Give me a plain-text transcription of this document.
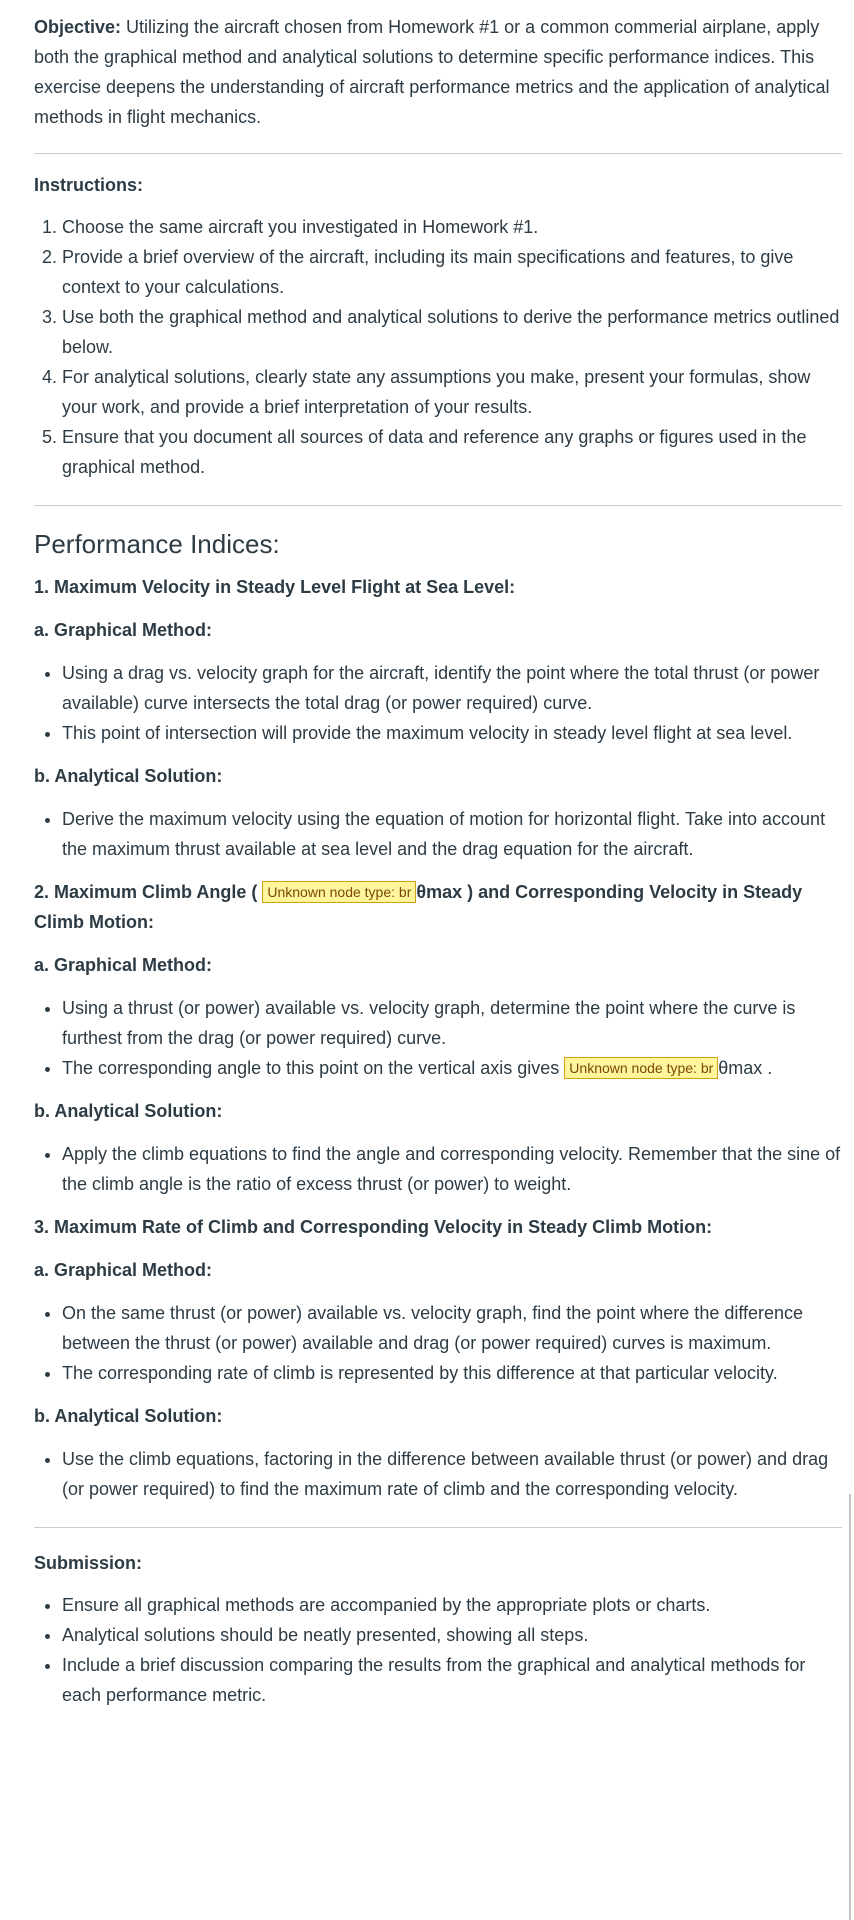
Objective: Utilizing the aircraft chosen from Homework #1 or a common commerial airplane, apply both the graphical method and analytical solutions to determine specific performance indices. This exercise deepens the understanding of aircraft performance metrics and the application of analytical methods in flight mechanics.

Instructions:

1. Choose the same aircraft you investigated in Homework #1.
2. Provide a brief overview of the aircraft, including its main specifications and features, to give context to your calculations.
3. Use both the graphical method and analytical solutions to derive the performance metrics outlined below.
4. For analytical solutions, clearly state any assumptions you make, present your formulas, show your work, and provide a brief interpretation of your results.
5. Ensure that you document all sources of data and reference any graphs or figures used in the graphical method.
Performance Indices:

1. Maximum Velocity in Steady Level Flight at Sea Level:

a. Graphical Method:

• Using a drag vs. velocity graph for the aircraft, identify the point where the total thrust (or power available) curve intersects the total drag (or power required) curve.
• This point of intersection will provide the maximum velocity in steady level flight at sea level.

b. Analytical Solution:

• Derive the maximum velocity using the equation of motion for horizontal flight. Take into account the maximum thrust available at sea level and the drag equation for the aircraft.

2. Maximum Climb Angle ( Unknown node type: br θmax ) and Corresponding Velocity in Steady Climb Motion:

a. Graphical Method:

• Using a thrust (or power) available vs. velocity graph, determine the point where the curve is furthest from the drag (or power required) curve.
• The corresponding angle to this point on the vertical axis gives Unknown node type: br θmax .

b. Analytical Solution:

• Apply the climb equations to find the angle and corresponding velocity. Remember that the sine of the climb angle is the ratio of excess thrust (or power) to weight.

3. Maximum Rate of Climb and Corresponding Velocity in Steady Climb Motion:

a. Graphical Method:

• On the same thrust (or power) available vs. velocity graph, find the point where the difference between the thrust (or power) available and drag (or power required) curves is maximum.
• The corresponding rate of climb is represented by this difference at that particular velocity.

b. Analytical Solution:

• Use the climb equations, factoring in the difference between available thrust (or power) and drag (or power required) to find the maximum rate of climb and the corresponding velocity.

Submission:

• Ensure all graphical methods are accompanied by the appropriate plots or charts.
• Analytical solutions should be neatly presented, showing all steps.
• Include a brief discussion comparing the results from the graphical and analytical methods for each performance metric.
